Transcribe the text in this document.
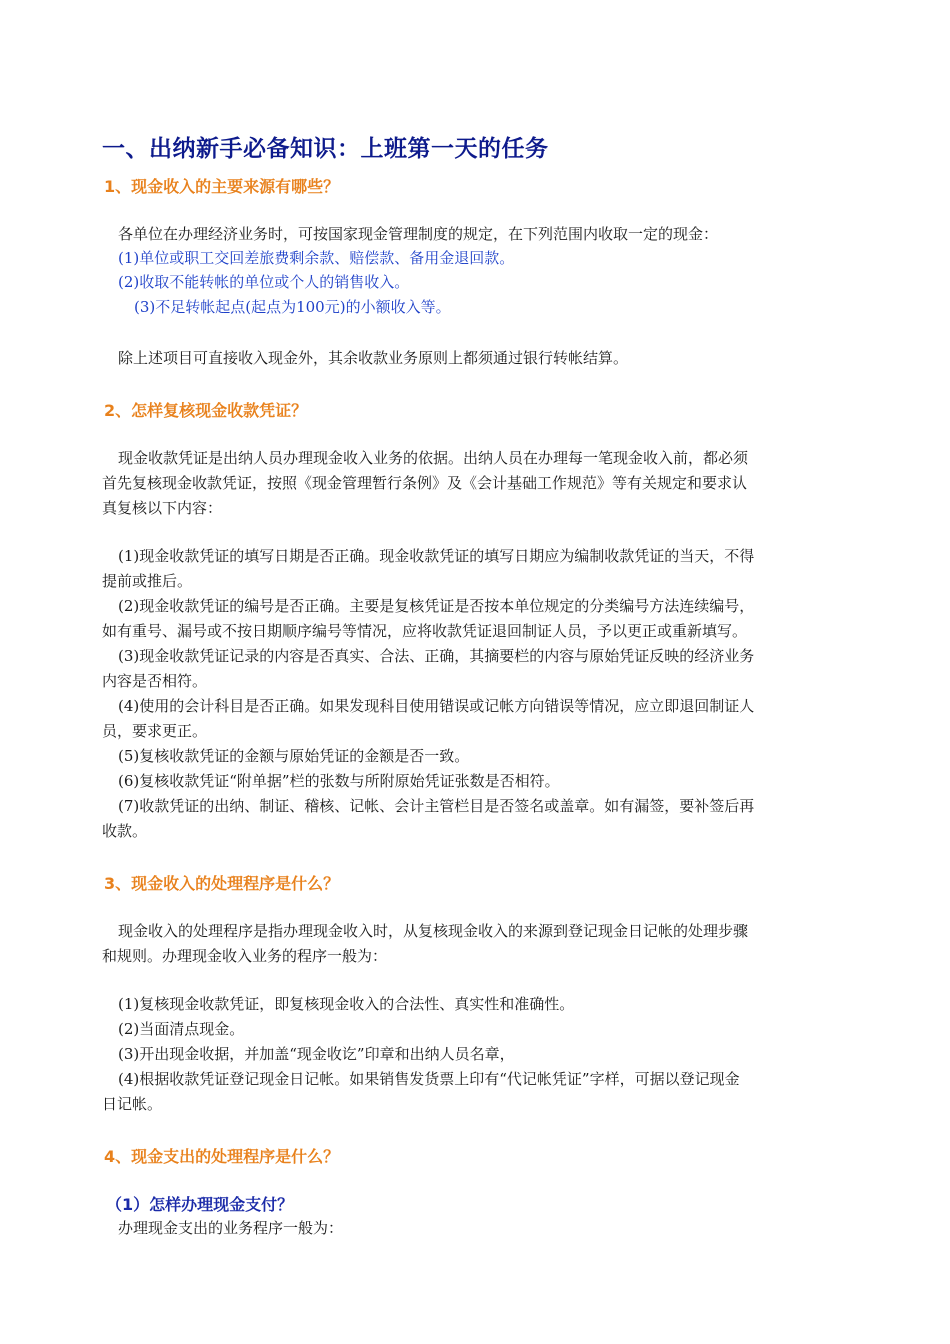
一、出纳新手必备知识：上班第一天的任务
1、现金收入的主要来源有哪些？
各单位在办理经济业务时，可按国家现金管理制度的规定，在下列范围内收取一定的现金：
(1)单位或职工交回差旅费剩余款、赔偿款、备用金退回款。
(2)收取不能转帐的单位或个人的销售收入。
(3)不足转帐起点(起点为100元)的小额收入等。
除上述项目可直接收入现金外，其余收款业务原则上都须通过银行转帐结算。
2、怎样复核现金收款凭证？
现金收款凭证是出纳人员办理现金收入业务的依据。出纳人员在办理每一笔现金收入前，都必须
首先复核现金收款凭证，按照《现金管理暂行条例》及《会计基础工作规范》等有关规定和要求认
真复核以下内容：
(1)现金收款凭证的填写日期是否正确。现金收款凭证的填写日期应为编制收款凭证的当天，不得
提前或推后。
(2)现金收款凭证的编号是否正确。主要是复核凭证是否按本单位规定的分类编号方法连续编号，
如有重号、漏号或不按日期顺序编号等情况，应将收款凭证退回制证人员，予以更正或重新填写。
(3)现金收款凭证记录的内容是否真实、合法、正确，其摘要栏的内容与原始凭证反映的经济业务
内容是否相符。
(4)使用的会计科目是否正确。如果发现科目使用错误或记帐方向错误等情况，应立即退回制证人
员，要求更正。
(5)复核收款凭证的金额与原始凭证的金额是否一致。
(6)复核收款凭证“附单据”栏的张数与所附原始凭证张数是否相符。
(7)收款凭证的出纳、制证、稽核、记帐、会计主管栏目是否签名或盖章。如有漏签，要补签后再
收款。
3、现金收入的处理程序是什么？
现金收入的处理程序是指办理现金收入时，从复核现金收入的来源到登记现金日记帐的处理步骤
和规则。办理现金收入业务的程序一般为：
(1)复核现金收款凭证，即复核现金收入的合法性、真实性和准确性。
(2)当面清点现金。
(3)开出现金收据，并加盖“现金收讫”印章和出纳人员名章，
(4)根据收款凭证登记现金日记帐。如果销售发货票上印有“代记帐凭证”字样，可据以登记现金
日记帐。
4、现金支出的处理程序是什么？
（1）怎样办理现金支付？
办理现金支出的业务程序一般为：
